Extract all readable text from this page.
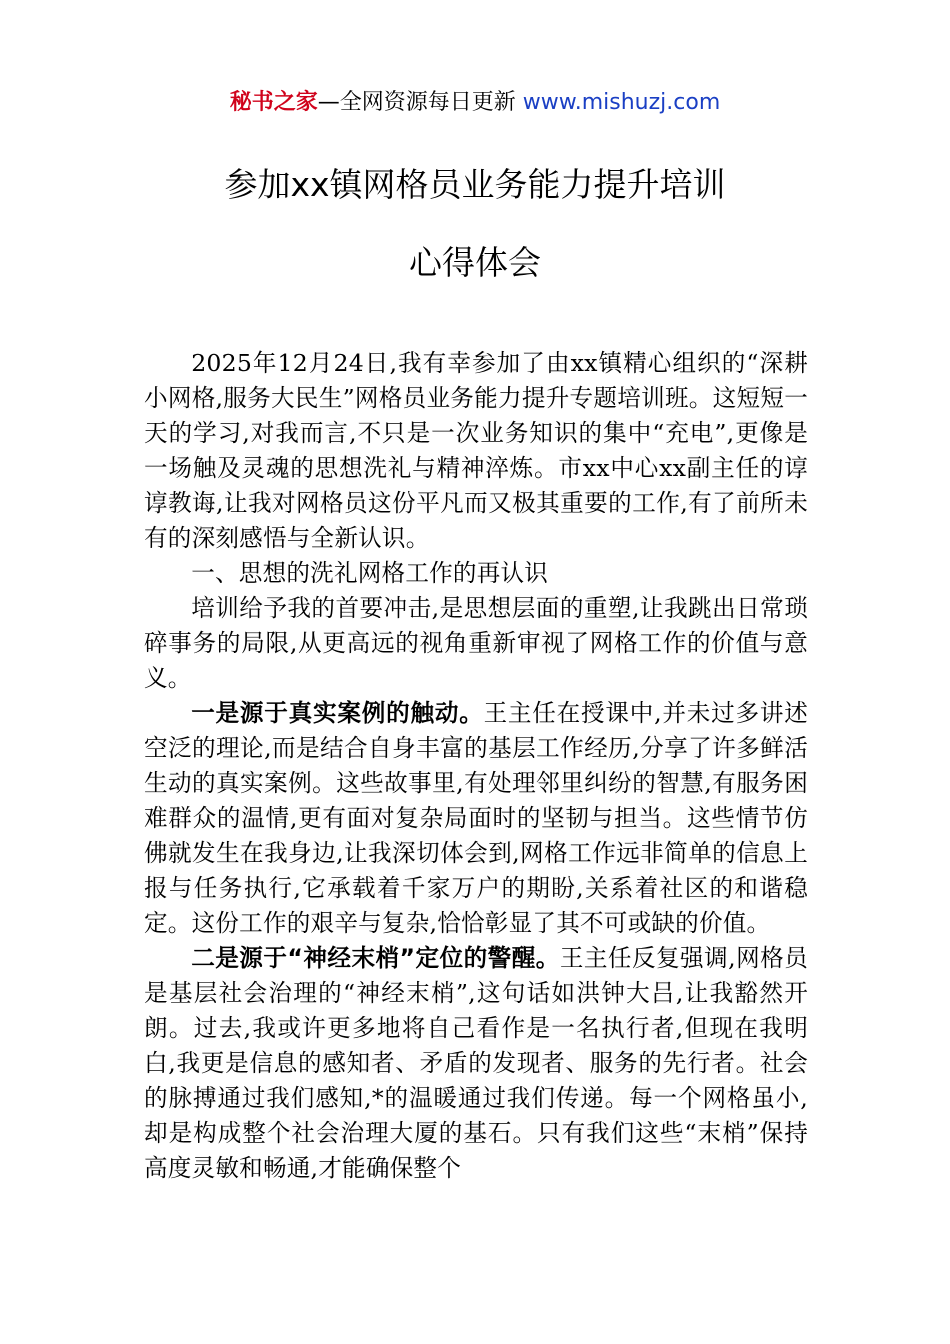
秘书之家—全网资源每日更新 www.mishuzj.com
参加xx镇网格员业务能力提升培训
心得体会

2025年12月24日,我有幸参加了由xx镇精心组织的“深耕小网格,服务大民生”网格员业务能力提升专题培训班。这短短一天的学习,对我而言,不只是一次业务知识的集中“充电”,更像是一场触及灵魂的思想洗礼与精神淬炼。市xx中心xx副主任的谆谆教诲,让我对网格员这份平凡而又极其重要的工作,有了前所未有的深刻感悟与全新认识。

一、思想的洗礼网格工作的再认识

培训给予我的首要冲击,是思想层面的重塑,让我跳出日常琐碎事务的局限,从更高远的视角重新审视了网格工作的价值与意义。

一是源于真实案例的触动。王主任在授课中,并未过多讲述空泛的理论,而是结合自身丰富的基层工作经历,分享了许多鲜活生动的真实案例。这些故事里,有处理邻里纠纷的智慧,有服务困难群众的温情,更有面对复杂局面时的坚韧与担当。这些情节仿佛就发生在我身边,让我深切体会到,网格工作远非简单的信息上报与任务执行,它承载着千家万户的期盼,关系着社区的和谐稳定。这份工作的艰辛与复杂,恰恰彰显了其不可或缺的价值。

二是源于“神经末梢”定位的警醒。王主任反复强调,网格员是基层社会治理的“神经末梢”,这句话如洪钟大吕,让我豁然开朗。过去,我或许更多地将自己看作是一名执行者,但现在我明白,我更是信息的感知者、矛盾的发现者、服务的先行者。社会的脉搏通过我们感知,*的温暖通过我们传递。每一个网格虽小,却是构成整个社会治理大厦的基石。只有我们这些“末梢”保持高度灵敏和畅通,才能确保整个
